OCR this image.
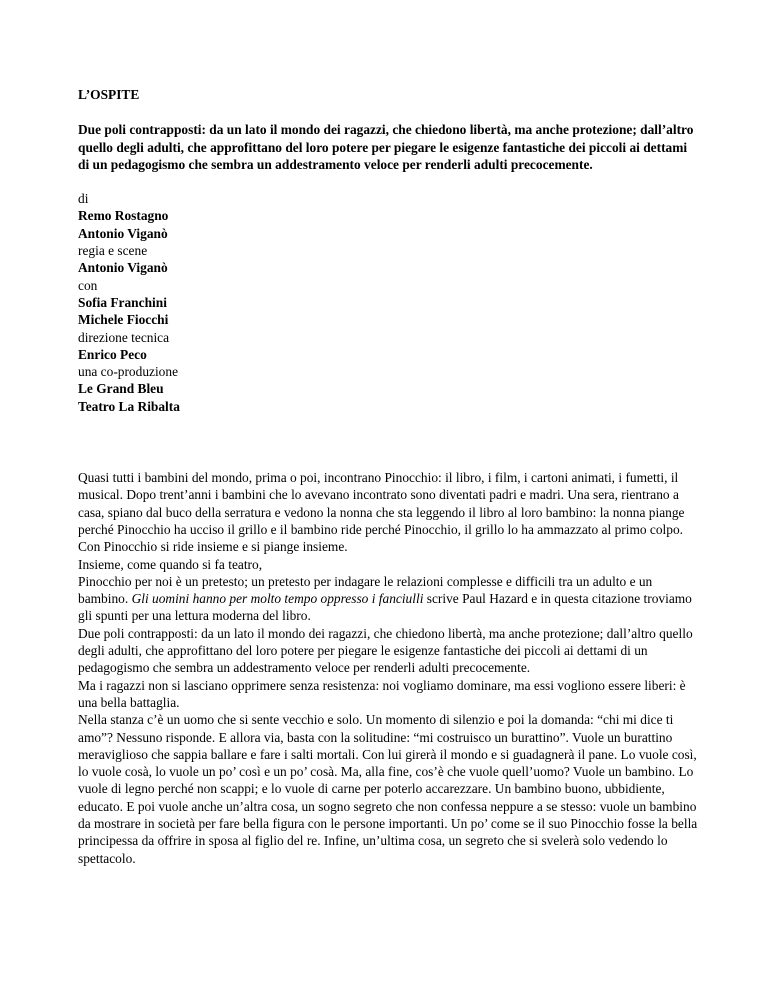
L’OSPITE
Due poli contrapposti: da un lato il mondo dei ragazzi, che chiedono libertà, ma anche protezione; dall’altro quello degli adulti, che approfittano del loro potere per piegare le esigenze fantastiche dei piccoli ai dettami di un pedagogismo che sembra un addestramento veloce per renderli adulti precocemente.
di
Remo Rostagno
Antonio Viganò
regia e scene
Antonio Viganò
con
Sofia Franchini
Michele Fiocchi
direzione tecnica
Enrico Peco
una co-produzione
Le Grand Bleu
Teatro La Ribalta

Quasi tutti i bambini del mondo, prima o poi, incontrano Pinocchio: il libro, i film, i cartoni animati, i fumetti, il musical. Dopo trent’anni i bambini che lo avevano incontrato sono diventati padri e madri. Una sera, rientrano a casa, spiano dal buco della serratura e vedono la nonna che sta leggendo il libro al loro bambino: la nonna piange perché Pinocchio ha ucciso il grillo e il bambino ride perché Pinocchio, il grillo lo ha ammazzato al primo colpo.

Con Pinocchio si ride insieme e si piange insieme.

Insieme, come quando si fa teatro,

Pinocchio per noi è un pretesto; un pretesto per indagare le relazioni complesse e difficili tra un adulto e un bambino. Gli uomini hanno per molto tempo oppresso i fanciulli scrive Paul Hazard e in questa citazione troviamo gli spunti per una lettura moderna del libro.

Due poli contrapposti: da un lato il mondo dei ragazzi, che chiedono libertà, ma anche protezione; dall’altro quello degli adulti, che approfittano del loro potere per piegare le esigenze fantastiche dei piccoli ai dettami di un pedagogismo che sembra un addestramento veloce per renderli adulti precocemente.

Ma i ragazzi non si lasciano opprimere senza resistenza: noi vogliamo dominare, ma essi vogliono essere liberi: è una bella battaglia.

Nella stanza c’è un uomo che si sente vecchio e solo. Un momento di silenzio e poi la domanda: “chi mi dice ti amo”? Nessuno risponde. E allora via, basta con la solitudine: “mi costruisco un burattino”. Vuole un burattino meraviglioso che sappia ballare e fare i salti mortali. Con lui girerà il mondo e si guadagnerà il pane. Lo vuole così, lo vuole cosà, lo vuole un po’ così e un po’ cosà. Ma, alla fine, cos’è che vuole quell’uomo? Vuole un bambino. Lo vuole di legno perché non scappi; e lo vuole di carne per poterlo accarezzare. Un bambino buono, ubbidiente, educato. E poi vuole anche un’altra cosa, un sogno segreto che non confessa neppure a se stesso: vuole un bambino da mostrare in società per fare bella figura con le persone importanti. Un po’ come se il suo Pinocchio fosse la bella principessa da offrire in sposa al figlio del re. Infine, un’ultima cosa, un segreto che si svelerà solo vedendo lo spettacolo.
